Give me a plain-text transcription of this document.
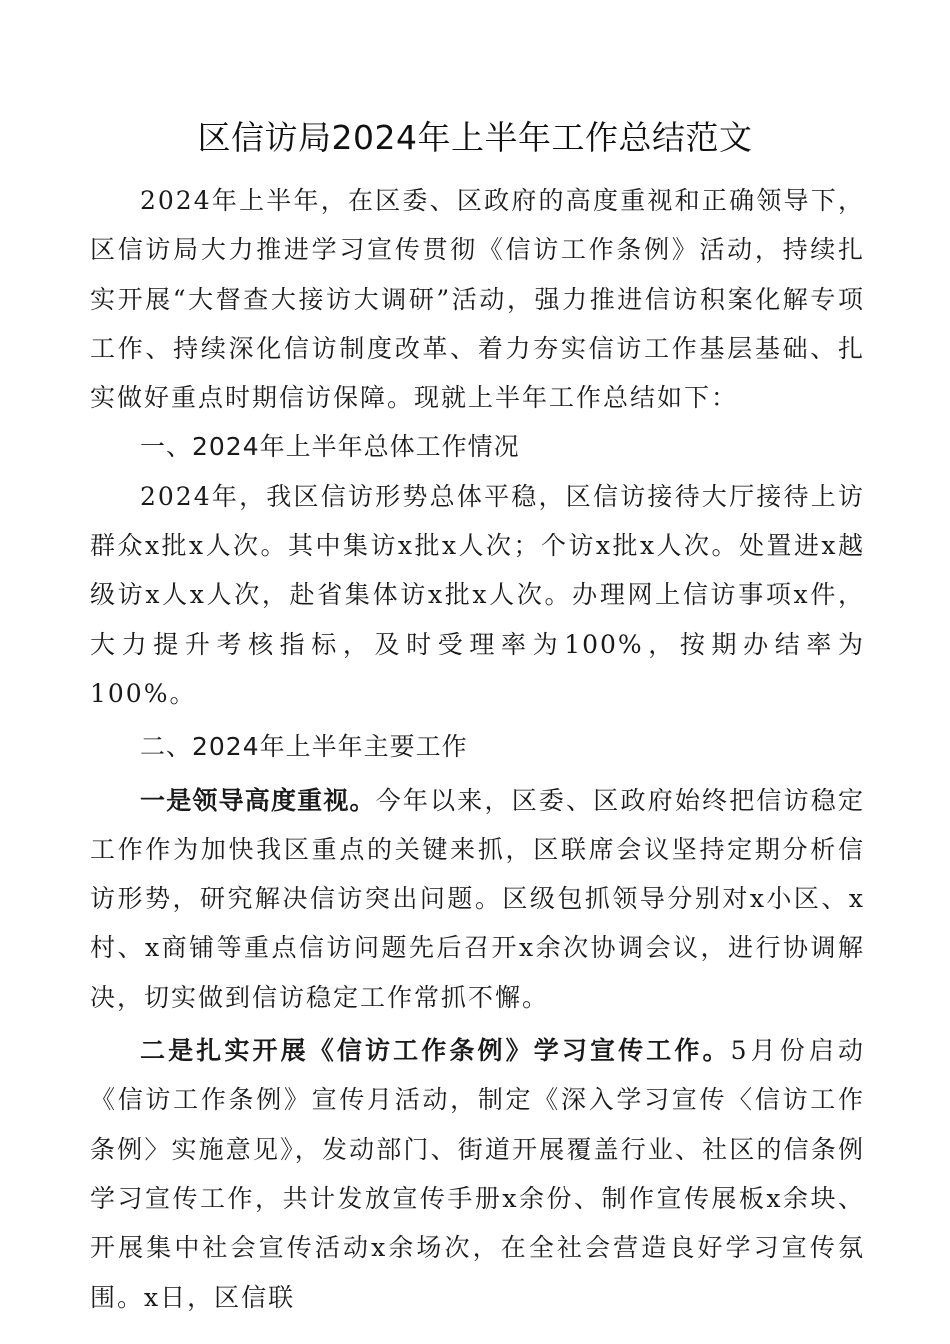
区信访局2024年上半年工作总结范文

2024年上半年，在区委、区政府的高度重视和正确领导下，区信访局大力推进学习宣传贯彻《信访工作条例》活动，持续扎实开展“大督查大接访大调研”活动，强力推进信访积案化解专项工作、持续深化信访制度改革、着力夯实信访工作基层基础、扎实做好重点时期信访保障。现就上半年工作总结如下：

一、2024年上半年总体工作情况

2024年，我区信访形势总体平稳，区信访接待大厅接待上访群众x批x人次。其中集访x批x人次；个访x批x人次。处置进x越级访x人x人次，赴省集体访x批x人次。办理网上信访事项x件，大力提升考核指标，及时受理率为100%，按期办结率为100%。

二、2024年上半年主要工作

一是领导高度重视。今年以来，区委、区政府始终把信访稳定工作作为加快我区重点的关键来抓，区联席会议坚持定期分析信访形势，研究解决信访突出问题。区级包抓领导分别对x小区、x村、x商铺等重点信访问题先后召开x余次协调会议，进行协调解决，切实做到信访稳定工作常抓不懈。

二是扎实开展《信访工作条例》学习宣传工作。5月份启动《信访工作条例》宣传月活动，制定《深入学习宣传〈信访工作条例〉实施意见》，发动部门、街道开展覆盖行业、社区的信条例学习宣传工作，共计发放宣传手册x余份、制作宣传展板x余块、开展集中社会宣传活动x余场次，在全社会营造良好学习宣传氛围。x日，区信联
